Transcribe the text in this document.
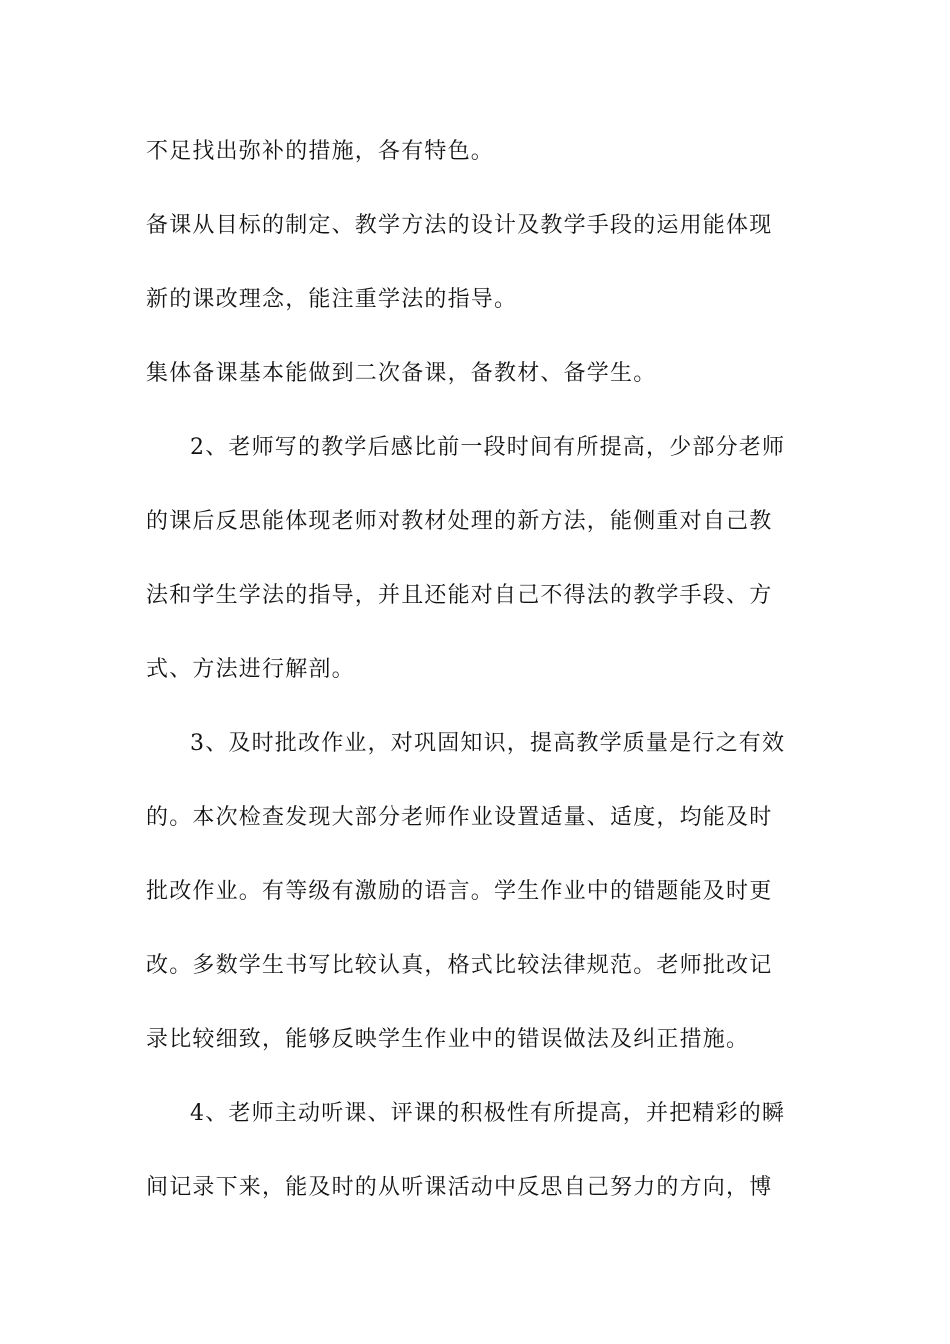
不足找出弥补的措施，各有特色。
备课从目标的制定、教学方法的设计及教学手段的运用能体现
新的课改理念，能注重学法的指导。
集体备课基本能做到二次备课，备教材、备学生。
2、老师写的教学后感比前一段时间有所提高，少部分老师
的课后反思能体现老师对教材处理的新方法，能侧重对自己教
法和学生学法的指导，并且还能对自己不得法的教学手段、方
式、方法进行解剖。
3、及时批改作业，对巩固知识，提高教学质量是行之有效
的。本次检查发现大部分老师作业设置适量、适度，均能及时
批改作业。有等级有激励的语言。学生作业中的错题能及时更
改。多数学生书写比较认真，格式比较法律规范。老师批改记
录比较细致，能够反映学生作业中的错误做法及纠正措施。
4、老师主动听课、评课的积极性有所提高，并把精彩的瞬
间记录下来，能及时的从听课活动中反思自己努力的方向，博
